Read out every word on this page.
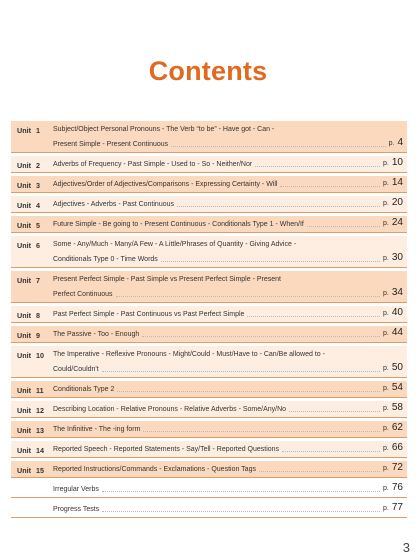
Contents
Unit 1	Subject/Object Personal Pronouns - The Verb “to be” - Have got - Can -
Present Simple - Present Continuous	p. 4
Unit 2	Adverbs of Frequency - Past Simple - Used to - So - Neither/Nor	p. 10
Unit 3	Adjectives/Order of Adjectives/Comparisons - Expressing Certainty - Will	p. 14
Unit 4	Adjectives - Adverbs - Past Continuous	p. 20
Unit 5	Future Simple - Be going to - Present Continuous - Conditionals Type 1 - When/If	p. 24
Unit 6	Some - Any/Much - Many/A Few - A Little/Phrases of Quantity - Giving Advice -
Conditionals Type 0 - Time Words	p. 30
Unit 7	Present Perfect Simple - Past Simple vs Present Perfect Simple - Present
Perfect Continuous	p. 34
Unit 8	Past Perfect Simple - Past Continuous vs Past Perfect Simple	p. 40
Unit 9	The Passive - Too - Enough	p. 44
Unit 10	The Imperative - Reflexive Pronouns - Might/Could - Must/Have to - Can/Be allowed to -
Could/Couldn't	p. 50
Unit 11	Conditionals Type 2	p. 54
Unit 12	Describing Location - Relative Pronouns - Relative Adverbs - Some/Any/No	p. 58
Unit 13	The Infinitive - The -ing form	p. 62
Unit 14	Reported Speech - Reported Statements - Say/Tell - Reported Questions	p. 66
Unit 15	Reported Instructions/Commands - Exclamations - Question Tags	p. 72
Irregular Verbs	p. 76
Progress Tests	p. 77
3
